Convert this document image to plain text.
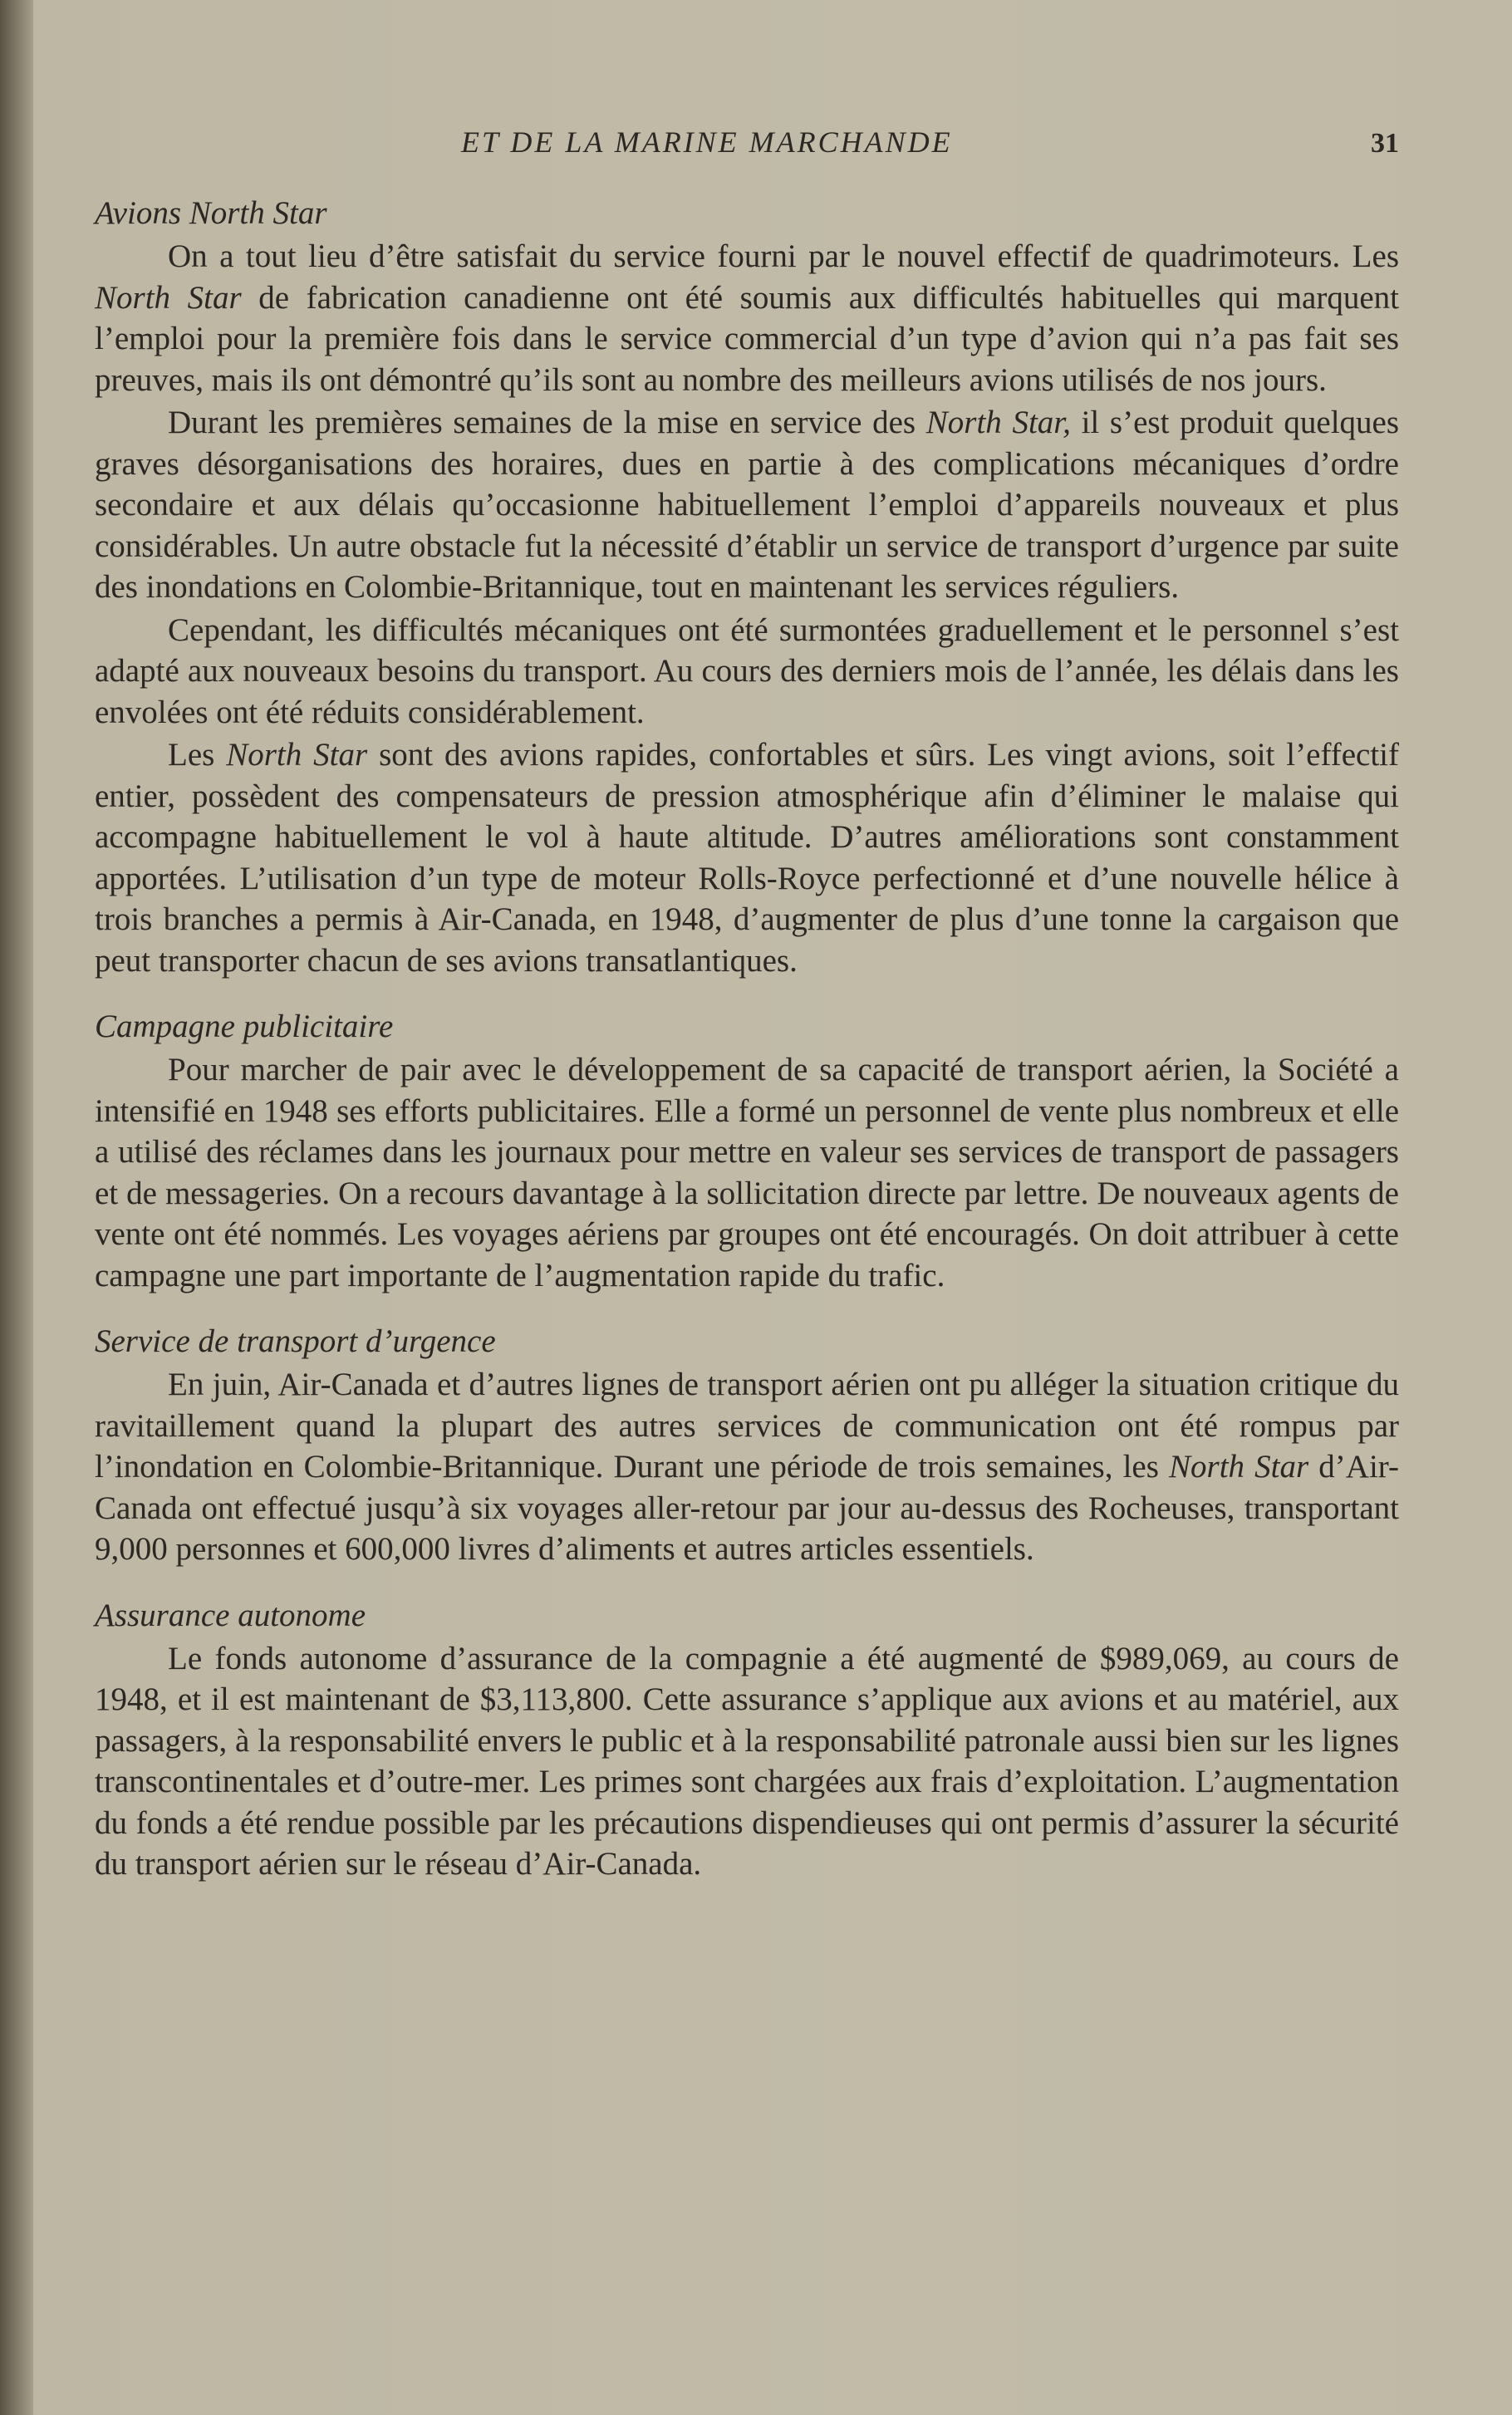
ET DE LA MARINE MARCHANDE	31

Avions North Star

On a tout lieu d’être satisfait du service fourni par le nouvel effectif de quadrimoteurs. Les North Star de fabrication canadienne ont été soumis aux difficultés habituelles qui marquent l’emploi pour la première fois dans le service commercial d’un type d’avion qui n’a pas fait ses preuves, mais ils ont démontré qu’ils sont au nombre des meilleurs avions utilisés de nos jours.

Durant les premières semaines de la mise en service des North Star, il s’est produit quelques graves désorganisations des horaires, dues en partie à des complications mécaniques d’ordre secondaire et aux délais qu’occasionne habituellement l’emploi d’appareils nouveaux et plus considérables. Un autre obstacle fut la nécessité d’établir un service de transport d’urgence par suite des inondations en Colombie-Britannique, tout en maintenant les services réguliers.

Cependant, les difficultés mécaniques ont été surmontées graduellement et le personnel s’est adapté aux nouveaux besoins du transport. Au cours des derniers mois de l’année, les délais dans les envolées ont été réduits considérablement.

Les North Star sont des avions rapides, confortables et sûrs. Les vingt avions, soit l’effectif entier, possèdent des compensateurs de pression atmosphérique afin d’éliminer le malaise qui accompagne habituellement le vol à haute altitude. D’autres améliorations sont constamment apportées. L’utilisation d’un type de moteur Rolls-Royce perfectionné et d’une nouvelle hélice à trois branches a permis à Air-Canada, en 1948, d’augmenter de plus d’une tonne la cargaison que peut transporter chacun de ses avions transatlantiques.

Campagne publicitaire

Pour marcher de pair avec le développement de sa capacité de transport aérien, la Société a intensifié en 1948 ses efforts publicitaires. Elle a formé un personnel de vente plus nombreux et elle a utilisé des réclames dans les journaux pour mettre en valeur ses services de transport de passagers et de messageries. On a recours davantage à la sollicitation directe par lettre. De nouveaux agents de vente ont été nommés. Les voyages aériens par groupes ont été encouragés. On doit attribuer à cette campagne une part importante de l’augmentation rapide du trafic.

Service de transport d’urgence

En juin, Air-Canada et d’autres lignes de transport aérien ont pu alléger la situation critique du ravitaillement quand la plupart des autres services de communication ont été rompus par l’inondation en Colombie-Britannique. Durant une période de trois semaines, les North Star d’Air-Canada ont effectué jusqu’à six voyages aller-retour par jour au-dessus des Rocheuses, transportant 9,000 personnes et 600,000 livres d’aliments et autres articles essentiels.

Assurance autonome

Le fonds autonome d’assurance de la compagnie a été augmenté de $989,069, au cours de 1948, et il est maintenant de $3,113,800. Cette assurance s’applique aux avions et au matériel, aux passagers, à la responsabilité envers le public et à la responsabilité patronale aussi bien sur les lignes transcontinentales et d’outre-mer. Les primes sont chargées aux frais d’exploitation. L’augmentation du fonds a été rendue possible par les précautions dispendieuses qui ont permis d’assurer la sécurité du transport aérien sur le réseau d’Air-Canada.
